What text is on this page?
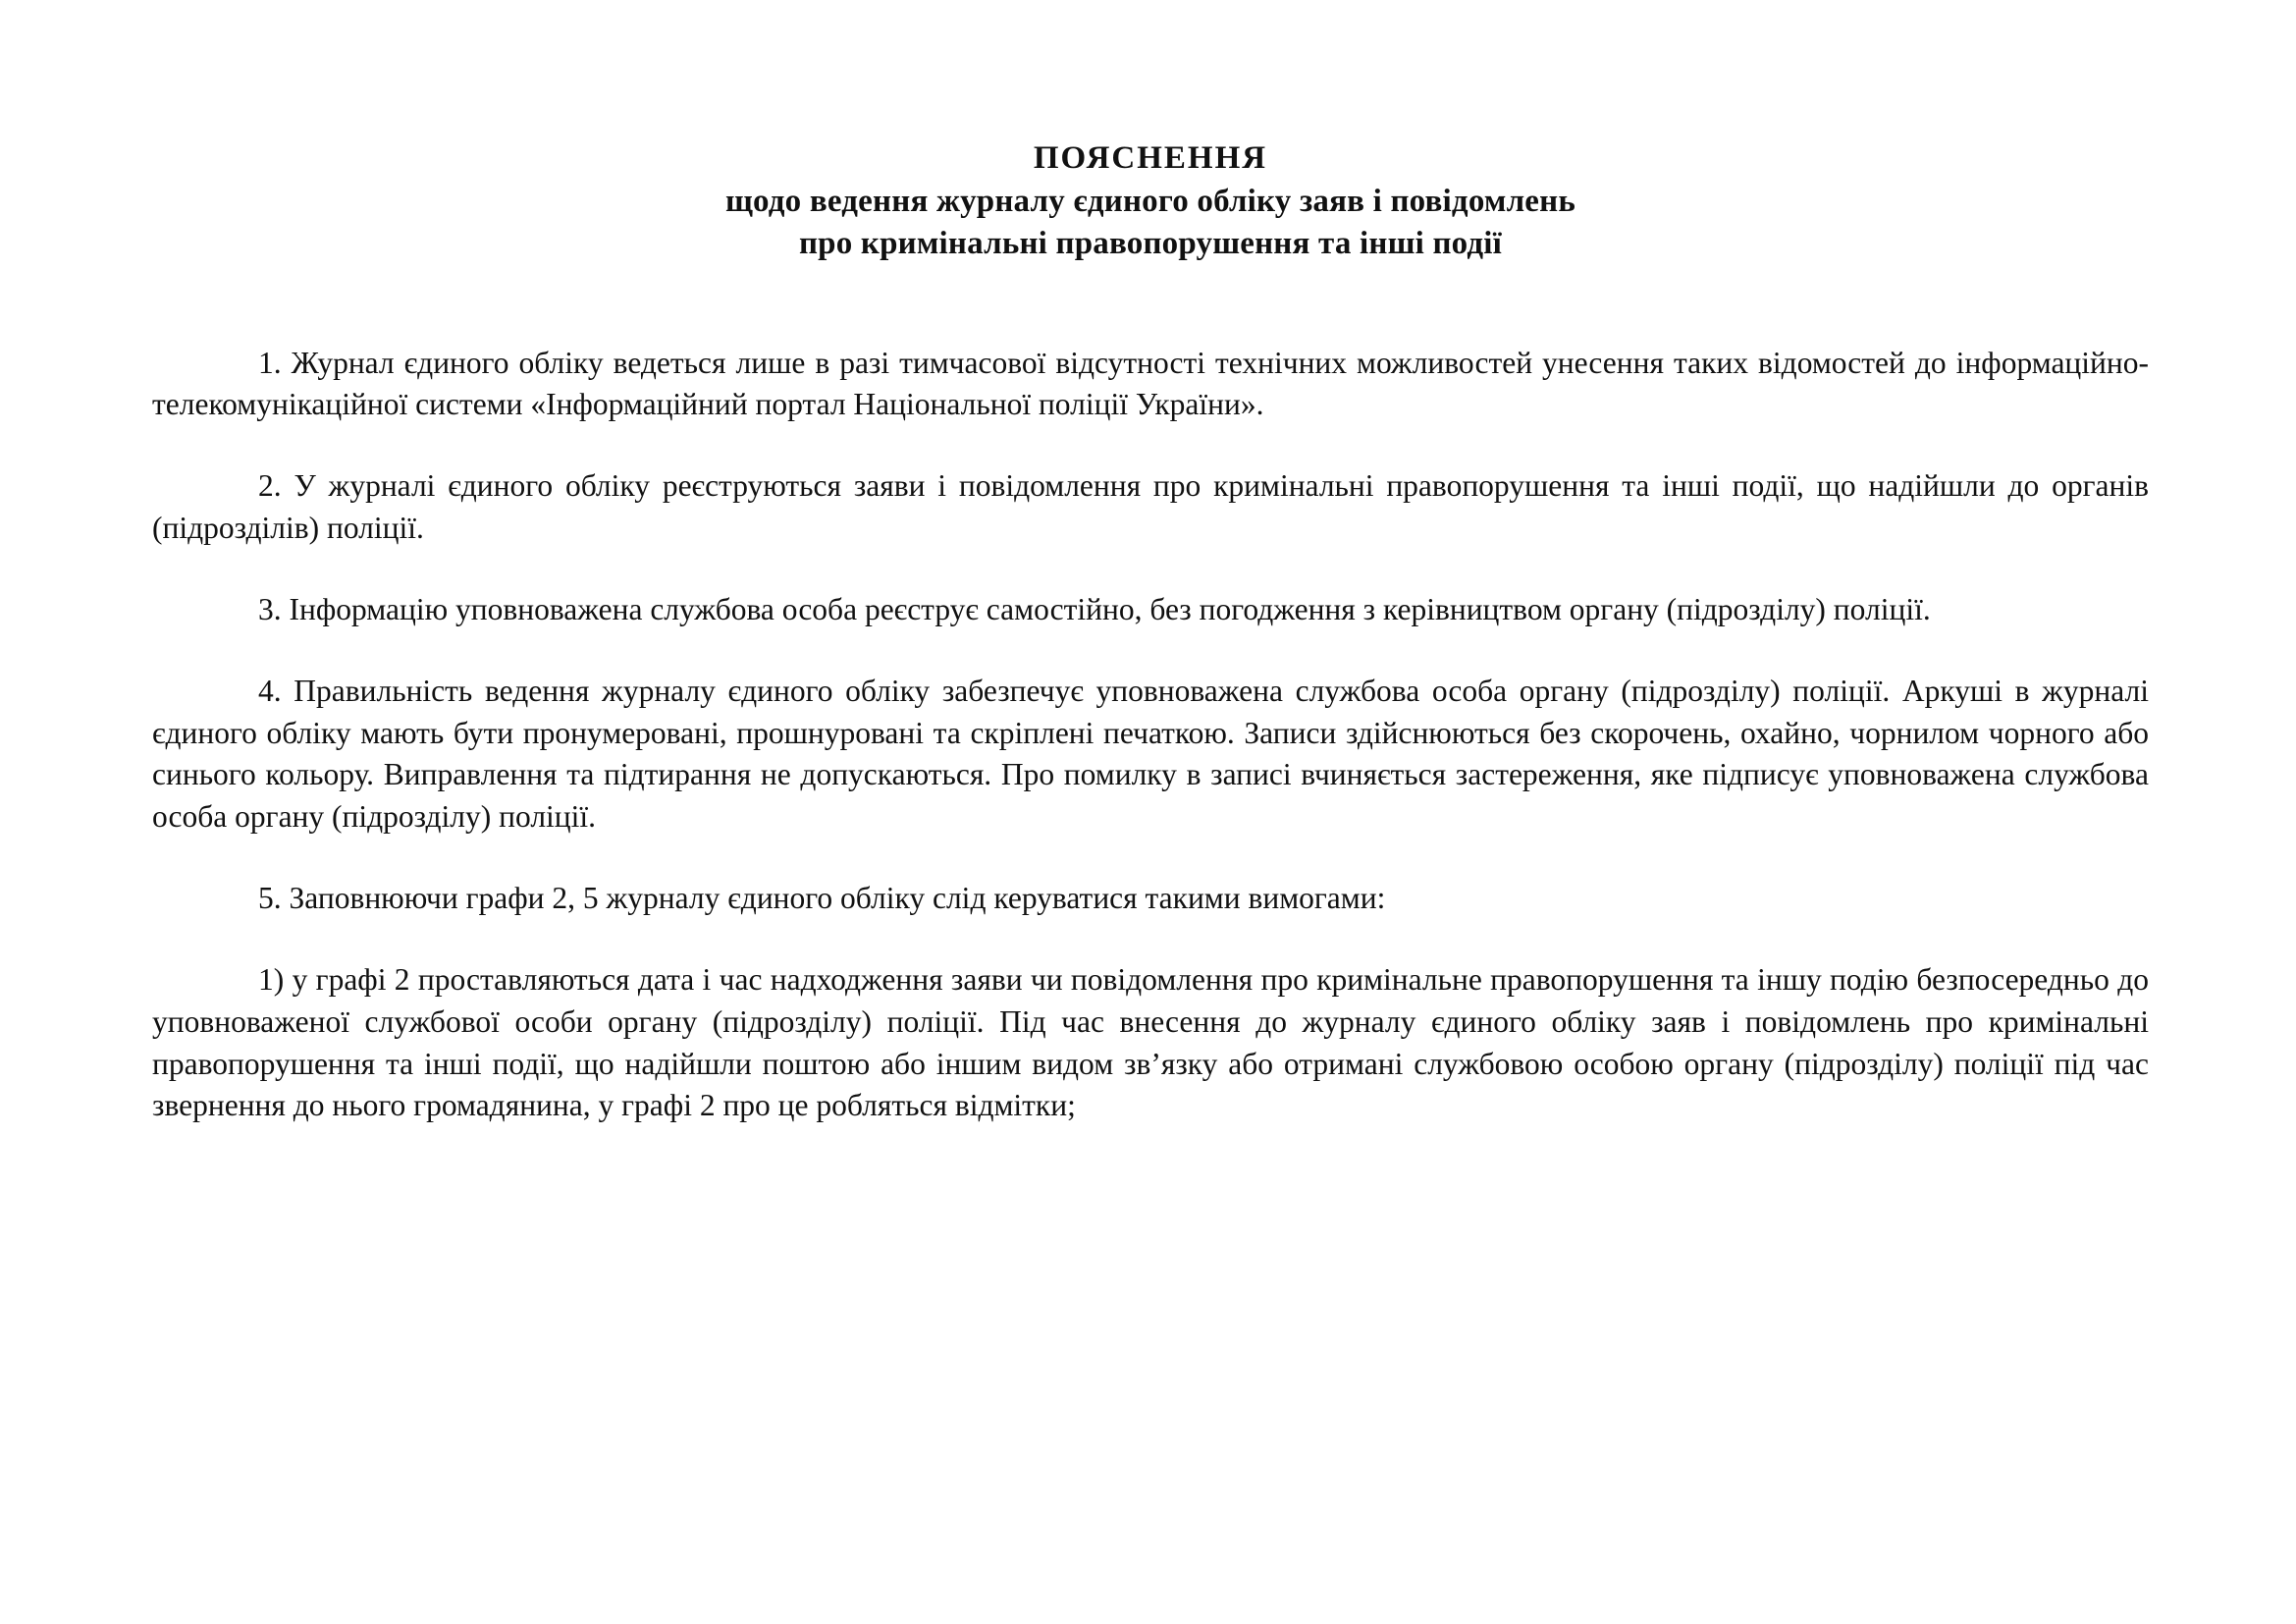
ПОЯСНЕННЯ
щодо ведення журналу єдиного обліку заяв і повідомлень
про кримінальні правопорушення та інші події

1. Журнал єдиного обліку ведеться лише в разі тимчасової відсутності технічних можливостей унесення таких відомостей до інформаційно-телекомунікаційної системи «Інформаційний портал Національної поліції України».

2. У журналі єдиного обліку реєструються заяви і повідомлення про кримінальні правопорушення та інші події, що надійшли до органів (підрозділів) поліції.

3. Інформацію уповноважена службова особа реєструє самостійно, без погодження з керівництвом органу (підрозділу) поліції.

4. Правильність ведення журналу єдиного обліку забезпечує уповноважена службова особа органу (підрозділу) поліції. Аркуші в журналі єдиного обліку мають бути пронумеровані, прошнуровані та скріплені печаткою. Записи здійснюються без скорочень, охайно, чорнилом чорного або синього кольору. Виправлення та підтирання не допускаються. Про помилку в записі вчиняється застереження, яке підписує уповноважена службова особа органу (підрозділу) поліції.

5. Заповнюючи графи 2, 5 журналу єдиного обліку слід керуватися такими вимогами:

1) у графі 2 проставляються дата і час надходження заяви чи повідомлення про кримінальне правопорушення та іншу подію безпосередньо до уповноваженої службової особи органу (підрозділу) поліції. Під час внесення до журналу єдиного обліку заяв і повідомлень про кримінальні правопорушення та інші події, що надійшли поштою або іншим видом зв’язку або отримані службовою особою органу (підрозділу) поліції під час звернення до нього громадянина, у графі 2 про це робляться відмітки;
